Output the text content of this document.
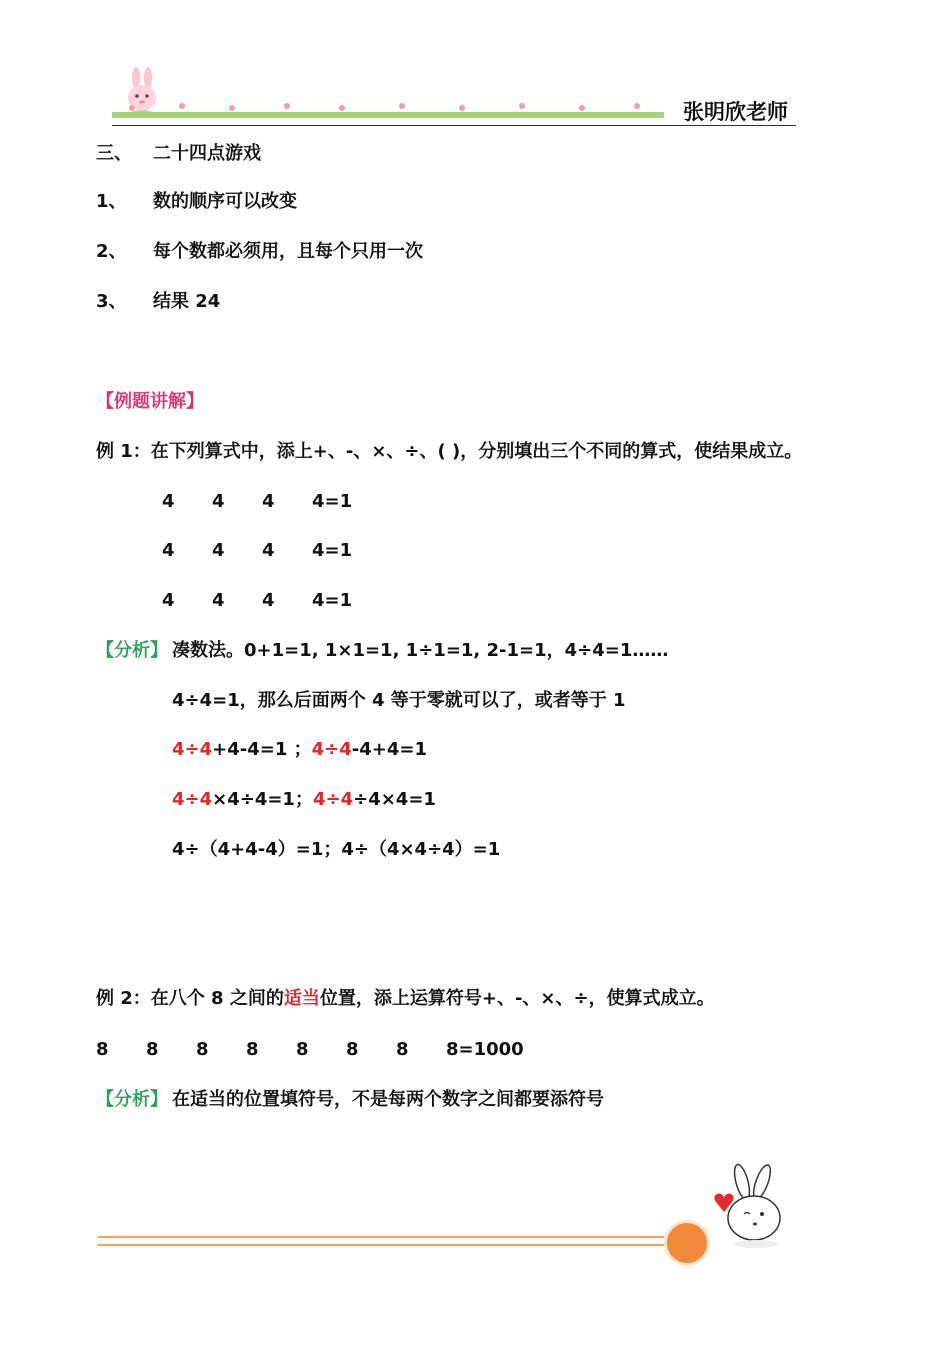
张明欣老师
三、 二十四点游戏
1、 数的顺序可以改变
2、 每个数都必须用，且每个只用一次
3、 结果 24
【例题讲解】
例 1：在下列算式中，添上+、-、×、÷、( )，分别填出三个不同的算式，使结果成立。
4 4 4 4=1
4 4 4 4=1
4 4 4 4=1
【分析】 凑数法。0+1=1, 1×1=1, 1÷1=1, 2-1=1，4÷4=1……
4÷4=1，那么后面两个 4 等于零就可以了，或者等于 1
4÷4+4-4=1 ；4÷4-4+4=1
4÷4×4÷4=1；4÷4÷4×4=1
4÷（4+4-4）=1；4÷（4×4÷4）=1
例 2：在八个 8 之间的适当位置，添上运算符号+、-、×、÷，使算式成立。
8 8 8 8 8 8 8 8=1000
【分析】 在适当的位置填符号，不是每两个数字之间都要添符号
